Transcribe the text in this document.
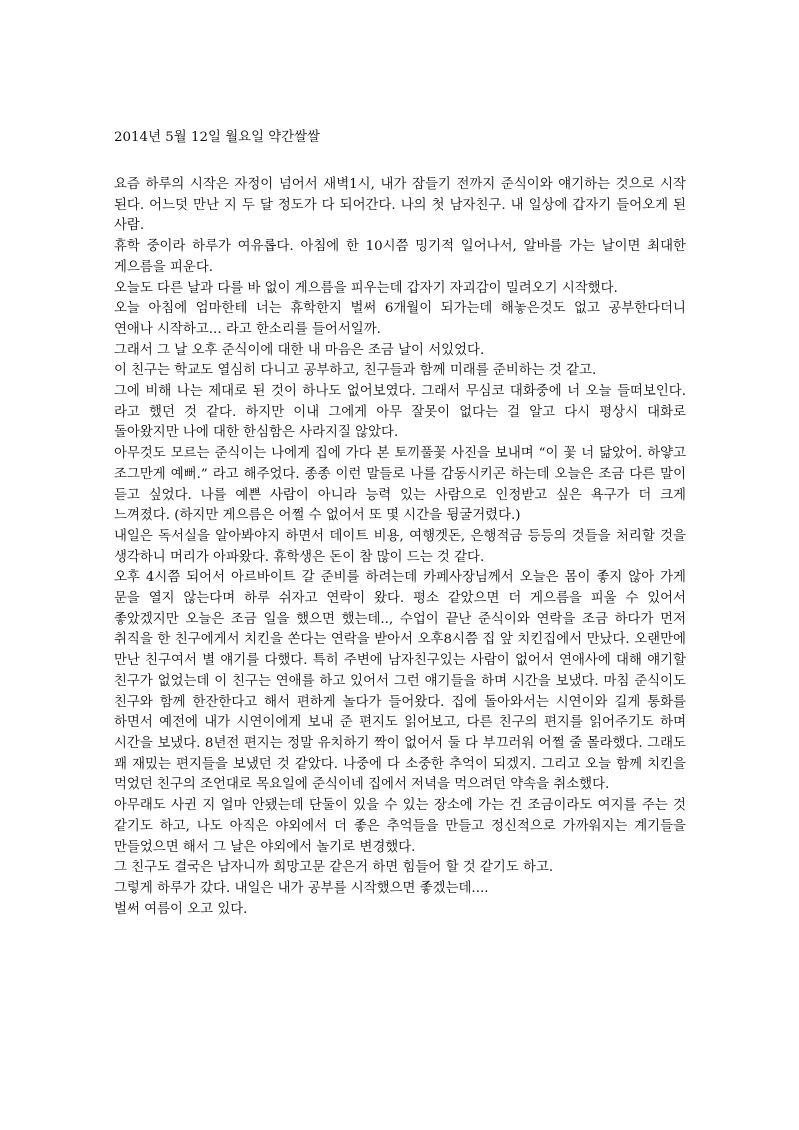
2014년 5월 12일 월요일 약간쌀쌀

요즘 하루의 시작은 자정이 넘어서 새벽1시, 내가 잠들기 전까지 준식이와 얘기하는 것으로 시작 된다. 어느덧 만난 지 두 달 정도가 다 되어간다. 나의 첫 남자친구. 내 일상에 갑자기 들어오게 된 사람.

휴학 중이라 하루가 여유롭다. 아침에 한 10시쯤 밍기적 일어나서, 알바를 가는 날이면 최대한 게으름을 피운다.

오늘도 다른 날과 다를 바 없이 게으름을 피우는데 갑자기 자괴감이 밀려오기 시작했다.

오늘 아침에 엄마한테 너는 휴학한지 벌써 6개월이 되가는데 해놓은것도 없고 공부한다더니 연애나 시작하고... 라고 한소리를 들어서일까.

그래서 그 날 오후 준식이에 대한 내 마음은 조금 날이 서있었다.

이 친구는 학교도 열심히 다니고 공부하고, 친구들과 함께 미래를 준비하는 것 같고.

그에 비해 나는 제대로 된 것이 하나도 없어보였다. 그래서 무심코 대화중에 너 오늘 들떠보인다. 라고 했던 것 같다. 하지만 이내 그에게 아무 잘못이 없다는 걸 알고 다시 평상시 대화로 돌아왔지만 나에 대한 한심함은 사라지질 않았다.

아무것도 모르는 준식이는 나에게 집에 가다 본 토끼풀꽃 사진을 보내며 “이 꽃 너 닮았어. 하얗고 조그만게 예뻐.” 라고 해주었다. 종종 이런 말들로 나를 감동시키곤 하는데 오늘은 조금 다른 말이 듣고 싶었다. 나를 예쁜 사람이 아니라 능력 있는 사람으로 인정받고 싶은 욕구가 더 크게 느껴졌다. (하지만 게으름은 어쩔 수 없어서 또 몇 시간을 뒹굴거렸다.)

내일은 독서실을 알아봐야지 하면서 데이트 비용, 여행겟돈, 은행적금 등등의 것들을 처리할 것을 생각하니 머리가 아파왔다. 휴학생은 돈이 참 많이 드는 것 같다.

오후 4시쯤 되어서 아르바이트 갈 준비를 하려는데 카페사장님께서 오늘은 몸이 좋지 않아 가게 문을 열지 않는다며 하루 쉬자고 연락이 왔다. 평소 같았으면 더 게으름을 피울 수 있어서 좋았겠지만 오늘은 조금 일을 했으면 했는데.., 수업이 끝난 준식이와 연락을 조금 하다가 먼저 취직을 한 친구에게서 치킨을 쏜다는 연락을 받아서 오후8시쯤 집 앞 치킨집에서 만났다. 오랜만에 만난 친구여서 별 얘기를 다했다. 특히 주변에 남자친구있는 사람이 없어서 연애사에 대해 얘기할 친구가 없었는데 이 친구는 연애를 하고 있어서 그런 얘기들을 하며 시간을 보냈다. 마침 준식이도 친구와 함께 한잔한다고 해서 편하게 놀다가 들어왔다. 집에 돌아와서는 시연이와 길게 통화를 하면서 예전에 내가 시연이에게 보내 준 편지도 읽어보고, 다른 친구의 편지를 읽어주기도 하며 시간을 보냈다. 8년전 편지는 정말 유치하기 짝이 없어서 둘 다 부끄러워 어쩔 줄 몰라했다. 그래도 꽤 재밌는 편지들을 보냈던 것 같았다. 나중에 다 소중한 추억이 되겠지. 그리고 오늘 함께 치킨을 먹었던 친구의 조언대로 목요일에 준식이네 집에서 저녁을 먹으려던 약속을 취소했다.

아무래도 사귄 지 얼마 안됐는데 단둘이 있을 수 있는 장소에 가는 건 조금이라도 여지를 주는 것 같기도 하고, 나도 아직은 야외에서 더 좋은 추억들을 만들고 정신적으로 가까워지는 계기들을 만들었으면 해서 그 날은 야외에서 놀기로 변경했다.

그 친구도 결국은 남자니까 희망고문 같은거 하면 힘들어 할 것 같기도 하고.

그렇게 하루가 갔다. 내일은 내가 공부를 시작했으면 좋겠는데....

벌써 여름이 오고 있다.
